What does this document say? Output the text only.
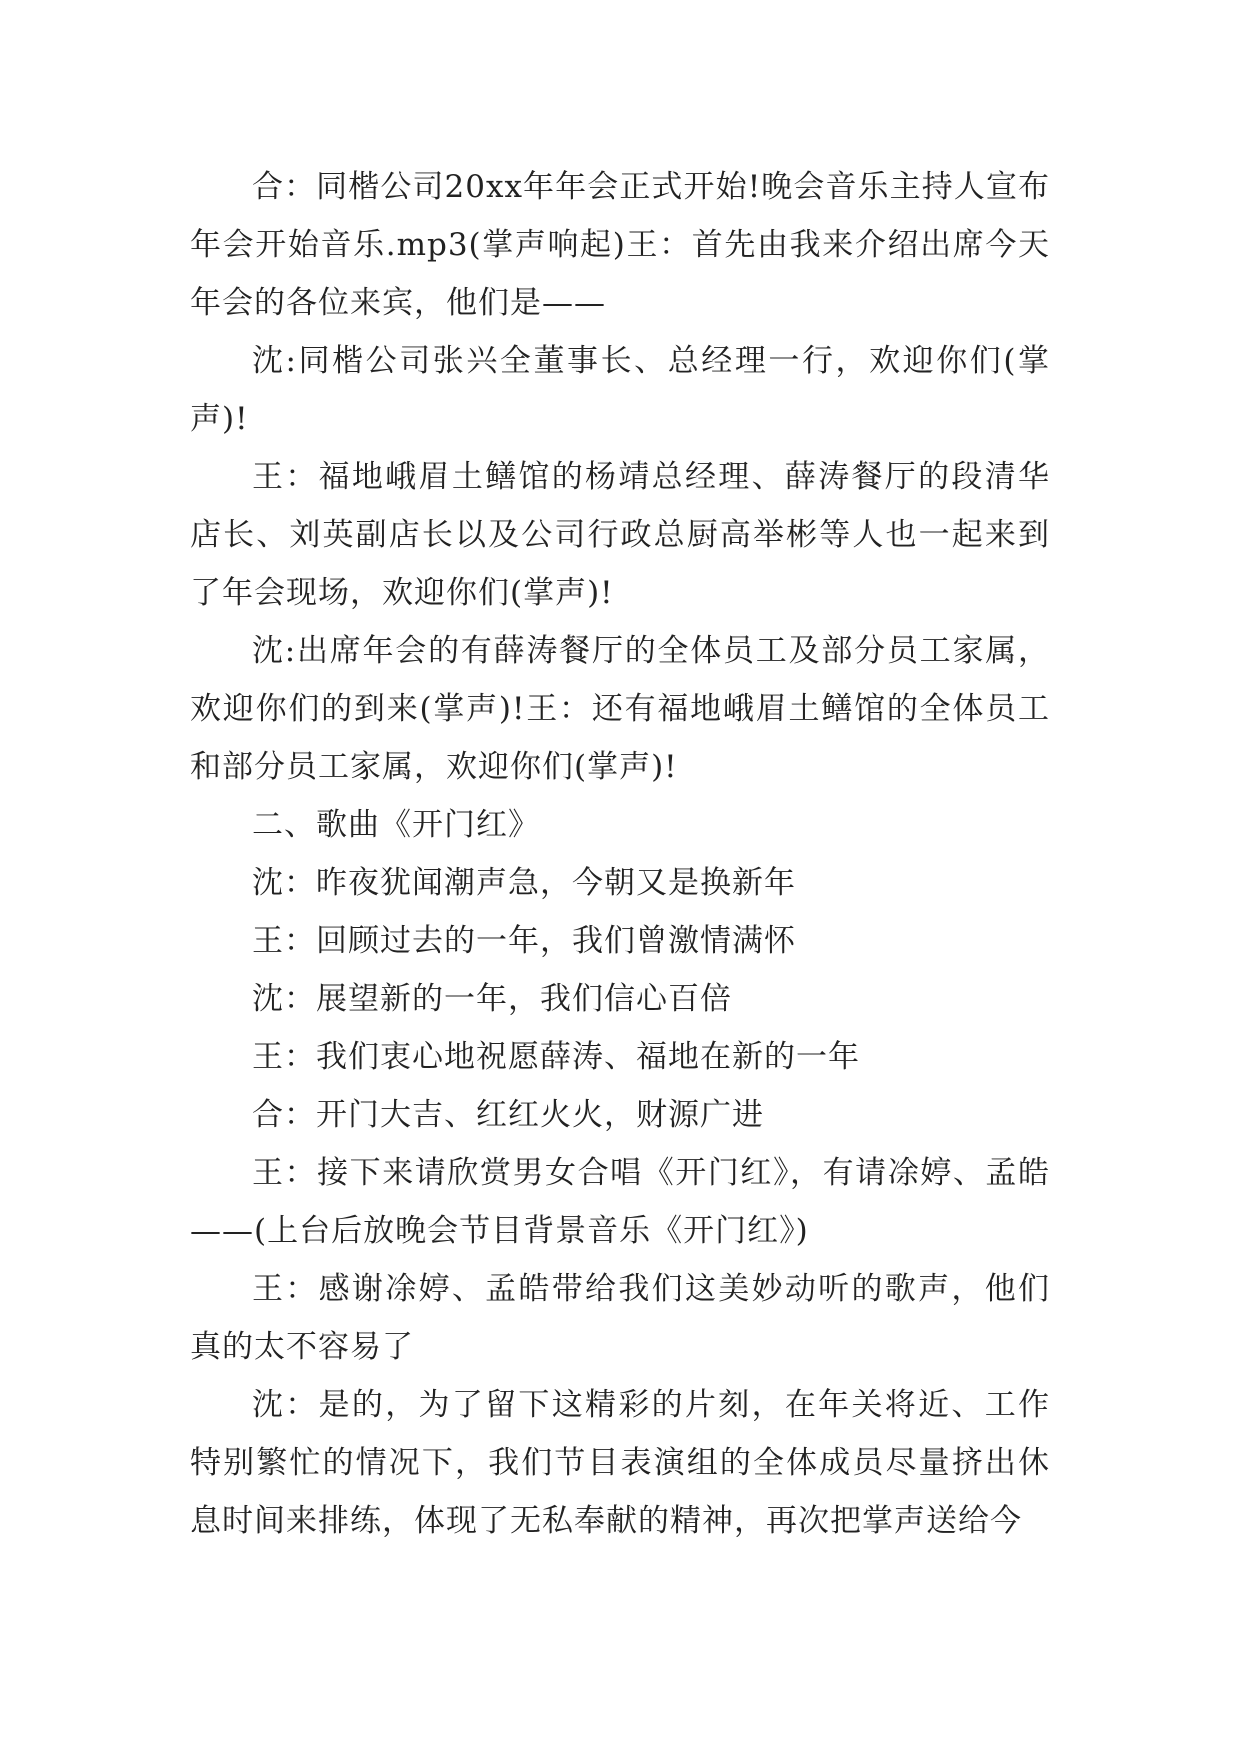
合：同楷公司20xx年年会正式开始!晚会音乐主持人宣布年会开始音乐.mp3(掌声响起)王：首先由我来介绍出席今天年会的各位来宾，他们是——

沈:同楷公司张兴全董事长、总经理一行，欢迎你们(掌声)!

王：福地峨眉土鳝馆的杨靖总经理、薛涛餐厅的段清华店长、刘英副店长以及公司行政总厨高举彬等人也一起来到了年会现场，欢迎你们(掌声)!

沈:出席年会的有薛涛餐厅的全体员工及部分员工家属，欢迎你们的到来(掌声)!王：还有福地峨眉土鳝馆的全体员工和部分员工家属，欢迎你们(掌声)!

二、歌曲《开门红》

沈：昨夜犹闻潮声急，今朝又是换新年

王：回顾过去的一年，我们曾激情满怀

沈：展望新的一年，我们信心百倍

王：我们衷心地祝愿薛涛、福地在新的一年

合：开门大吉、红红火火，财源广进

王：接下来请欣赏男女合唱《开门红》，有请凃婷、孟皓——(上台后放晚会节目背景音乐《开门红》)

王：感谢凃婷、孟皓带给我们这美妙动听的歌声，他们真的太不容易了

沈：是的，为了留下这精彩的片刻，在年关将近、工作特别繁忙的情况下，我们节目表演组的全体成员尽量挤出休息时间来排练，体现了无私奉献的精神，再次把掌声送给今
